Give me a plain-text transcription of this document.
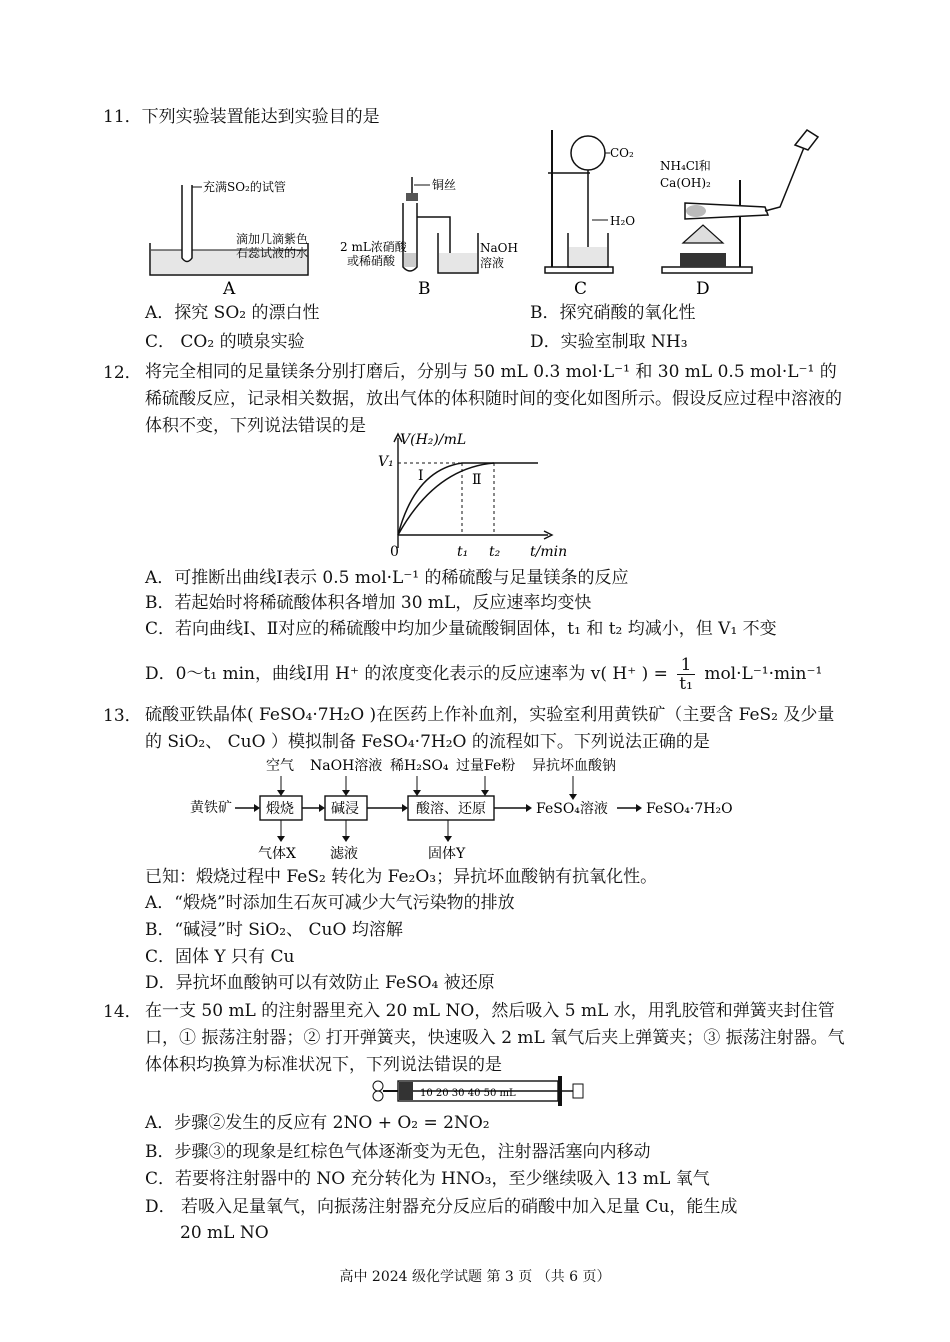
11．下列实验装置能达到实验目的是
充满SO₂的试管
滴加几滴紫色
石蕊试液的水
A
铜丝
2 mL浓硝酸
或稀硝酸
NaOH
溶液
B
CO₂
H₂O
C
NH₄Cl和
Ca(OH)₂
D
A．探究 SO₂ 的漂白性	B．探究硝酸的氧化性
C． CO₂ 的喷泉实验	D．实验室制取 NH₃
12． 将完全相同的足量镁条分别打磨后，分别与 50 mL 0.3 mol·L⁻¹ 和 30 mL 0.5 mol·L⁻¹ 的稀硫酸反应，记录相关数据，放出气体的体积随时间的变化如图所示。假设反应过程中溶液的体积不变，下列说法错误的是
V(H₂)/mL
V₁
0	t₁ t₂ t/min
Ⅰ	Ⅱ
A．可推断出曲线Ⅰ表示 0.5 mol·L⁻¹ 的稀硫酸与足量镁条的反应
B．若起始时将稀硫酸体积各增加 30 mL，反应速率均变快
C．若向曲线Ⅰ、Ⅱ对应的稀硫酸中均加少量硫酸铜固体，t₁ 和 t₂ 均减小，但 V₁ 不变
D．0～t₁ min，曲线Ⅰ用 H⁺ 的浓度变化表示的反应速率为 v( H⁺ ) = $\frac{1}{\text{t₁}} mol\cdot L^{-1}\cdot\min^{-1}$
13． 硫酸亚铁晶体( FeSO₄·7H₂O )在医药上作补血剂，实验室利用黄铁矿（主要含 FeS₂ 及少量的 SiO₂、 CuO ）模拟制备 FeSO₄·7H₂O 的流程如下。下列说法正确的是
黄铁矿 煅烧	碱浸	酸溶、还原	FeSO₄溶液	FeSO₄·7H₂O
空气 NaOH溶液 稀H₂SO₄ 过量Fe粉 异抗坏血酸钠
气体X 滤液	固体Y
已知：煅烧过程中 FeS₂ 转化为 Fe₂O₃；异抗坏血酸钠有抗氧化性。
A．“煅烧”时添加生石灰可减少大气污染物的排放
B．“碱浸”时 SiO₂、 CuO 均溶解
C．固体 Y 只有 Cu
D．异抗坏血酸钠可以有效防止 FeSO₄ 被还原
14． 在一支 50 mL 的注射器里充入 20 mL NO，然后吸入 5 mL 水，用乳胶管和弹簧夹封住管口，① 振荡注射器；② 打开弹簧夹，快速吸入 2 mL 氧气后夹上弹簧夹；③ 振荡注射器。气体体积均换算为标准状况下，下列说法错误的是
10 20 30 40 50 mL
A．步骤②发生的反应有 2NO + O₂ = 2NO₂
B．步骤③的现象是红棕色气体逐渐变为无色，注射器活塞向内移动
C．若要将注射器中的 NO 充分转化为 HNO₃，至少继续吸入 13 mL 氧气
D． 若吸入足量氧气，向振荡注射器充分反应后的硝酸中加入足量 Cu，能生成
20 mL NO
高中 2024 级化学试题 第 3 页 （共 6 页）
